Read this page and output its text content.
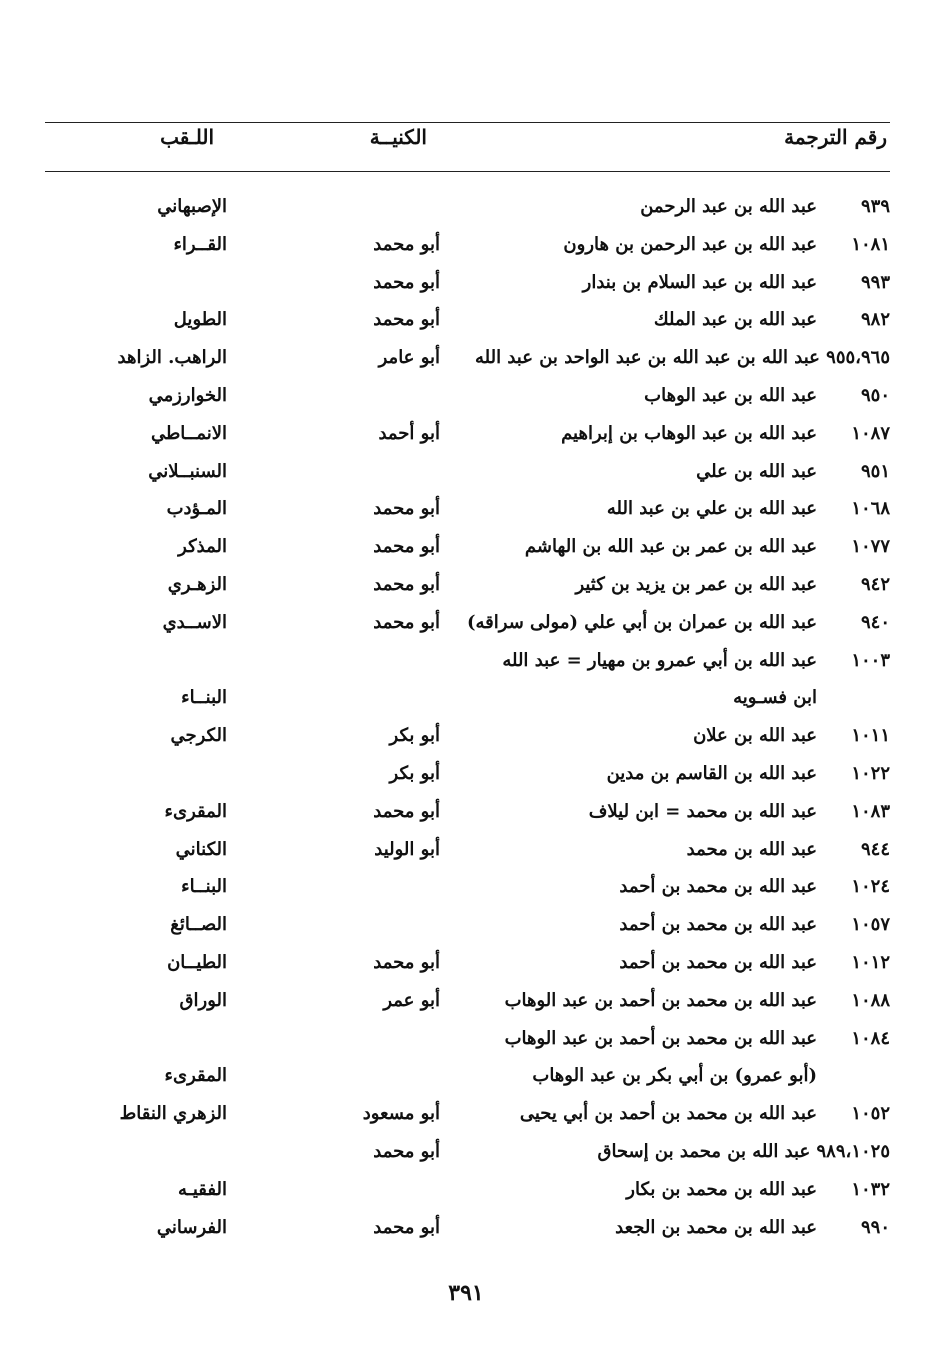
رقم الترجمة
الكنيــة
اللـقب
٩٣٩
عبد الله بن عبد الرحمن
الإصبهاني
١٠٨١
عبد الله بن عبد الرحمن بن هارون
أبو محمد
القــراء
٩٩٣
عبد الله بن عبد السلام بن بندار
أبو محمد
٩٨٢
عبد الله بن عبد الملك
أبو محمد
الطويل
٩٥٥،٩٦٥ عبد الله بن عبد الله بن عبد الواحد بن عبد الله
أبو عامر
الراهب. الزاهد
٩٥٠
عبد الله بن عبد الوهاب
الخوارزمي
١٠٨٧
عبد الله بن عبد الوهاب بن إبراهيم
أبو أحمد
الانمــاطي
٩٥١
عبد الله بن علي
السنبــلاني
١٠٦٨
عبد الله بن علي بن عبد الله
أبو محمد
المـؤدب
١٠٧٧
عبد الله بن عمر بن عبد الله بن الهاشم
أبو محمد
المذكر
٩٤٢
عبد الله بن عمر بن يزيد بن كثير
أبو محمد
الزهـري
٩٤٠
عبد الله بن عمران بن أبي علي (مولى سراقه)
أبو محمد
الاســدي
١٠٠٣
عبد الله بن أبي عمرو بن مهيار = عبد الله
ابن فسـويه
البنــاء
١٠١١
عبد الله بن علان
أبو بكر
الكرجي
١٠٢٢
عبد الله بن القاسم بن مدين
أبو بكر
١٠٨٣
عبد الله بن محمد = ابن ليلاف
أبو محمد
المقرىء
٩٤٤
عبد الله بن محمد
أبو الوليد
الكناني
١٠٢٤
عبد الله بن محمد بن أحمد
البنــاء
١٠٥٧
عبد الله بن محمد بن أحمد
الصــائغ
١٠١٢
عبد الله بن محمد بن أحمد
أبو محمد
الطيــان
١٠٨٨
عبد الله بن محمد بن أحمد بن عبد الوهاب
أبو عمر
الوراق
١٠٨٤
عبد الله بن محمد بن أحمد بن عبد الوهاب
(أبو عمرو) بن أبي بكر بن عبد الوهاب
المقرىء
١٠٥٢
عبد الله بن محمد بن أحمد بن أبي يحيى
أبو مسعود
الزهري النقاط
٩٨٩،١٠٢٥ عبد الله بن محمد بن إسحاق
أبو محمد
١٠٣٢
عبد الله بن محمد بن بكار
الفقيـه
٩٩٠
عبد الله بن محمد بن الجعد
أبو محمد
الفرساني
٣٩١
